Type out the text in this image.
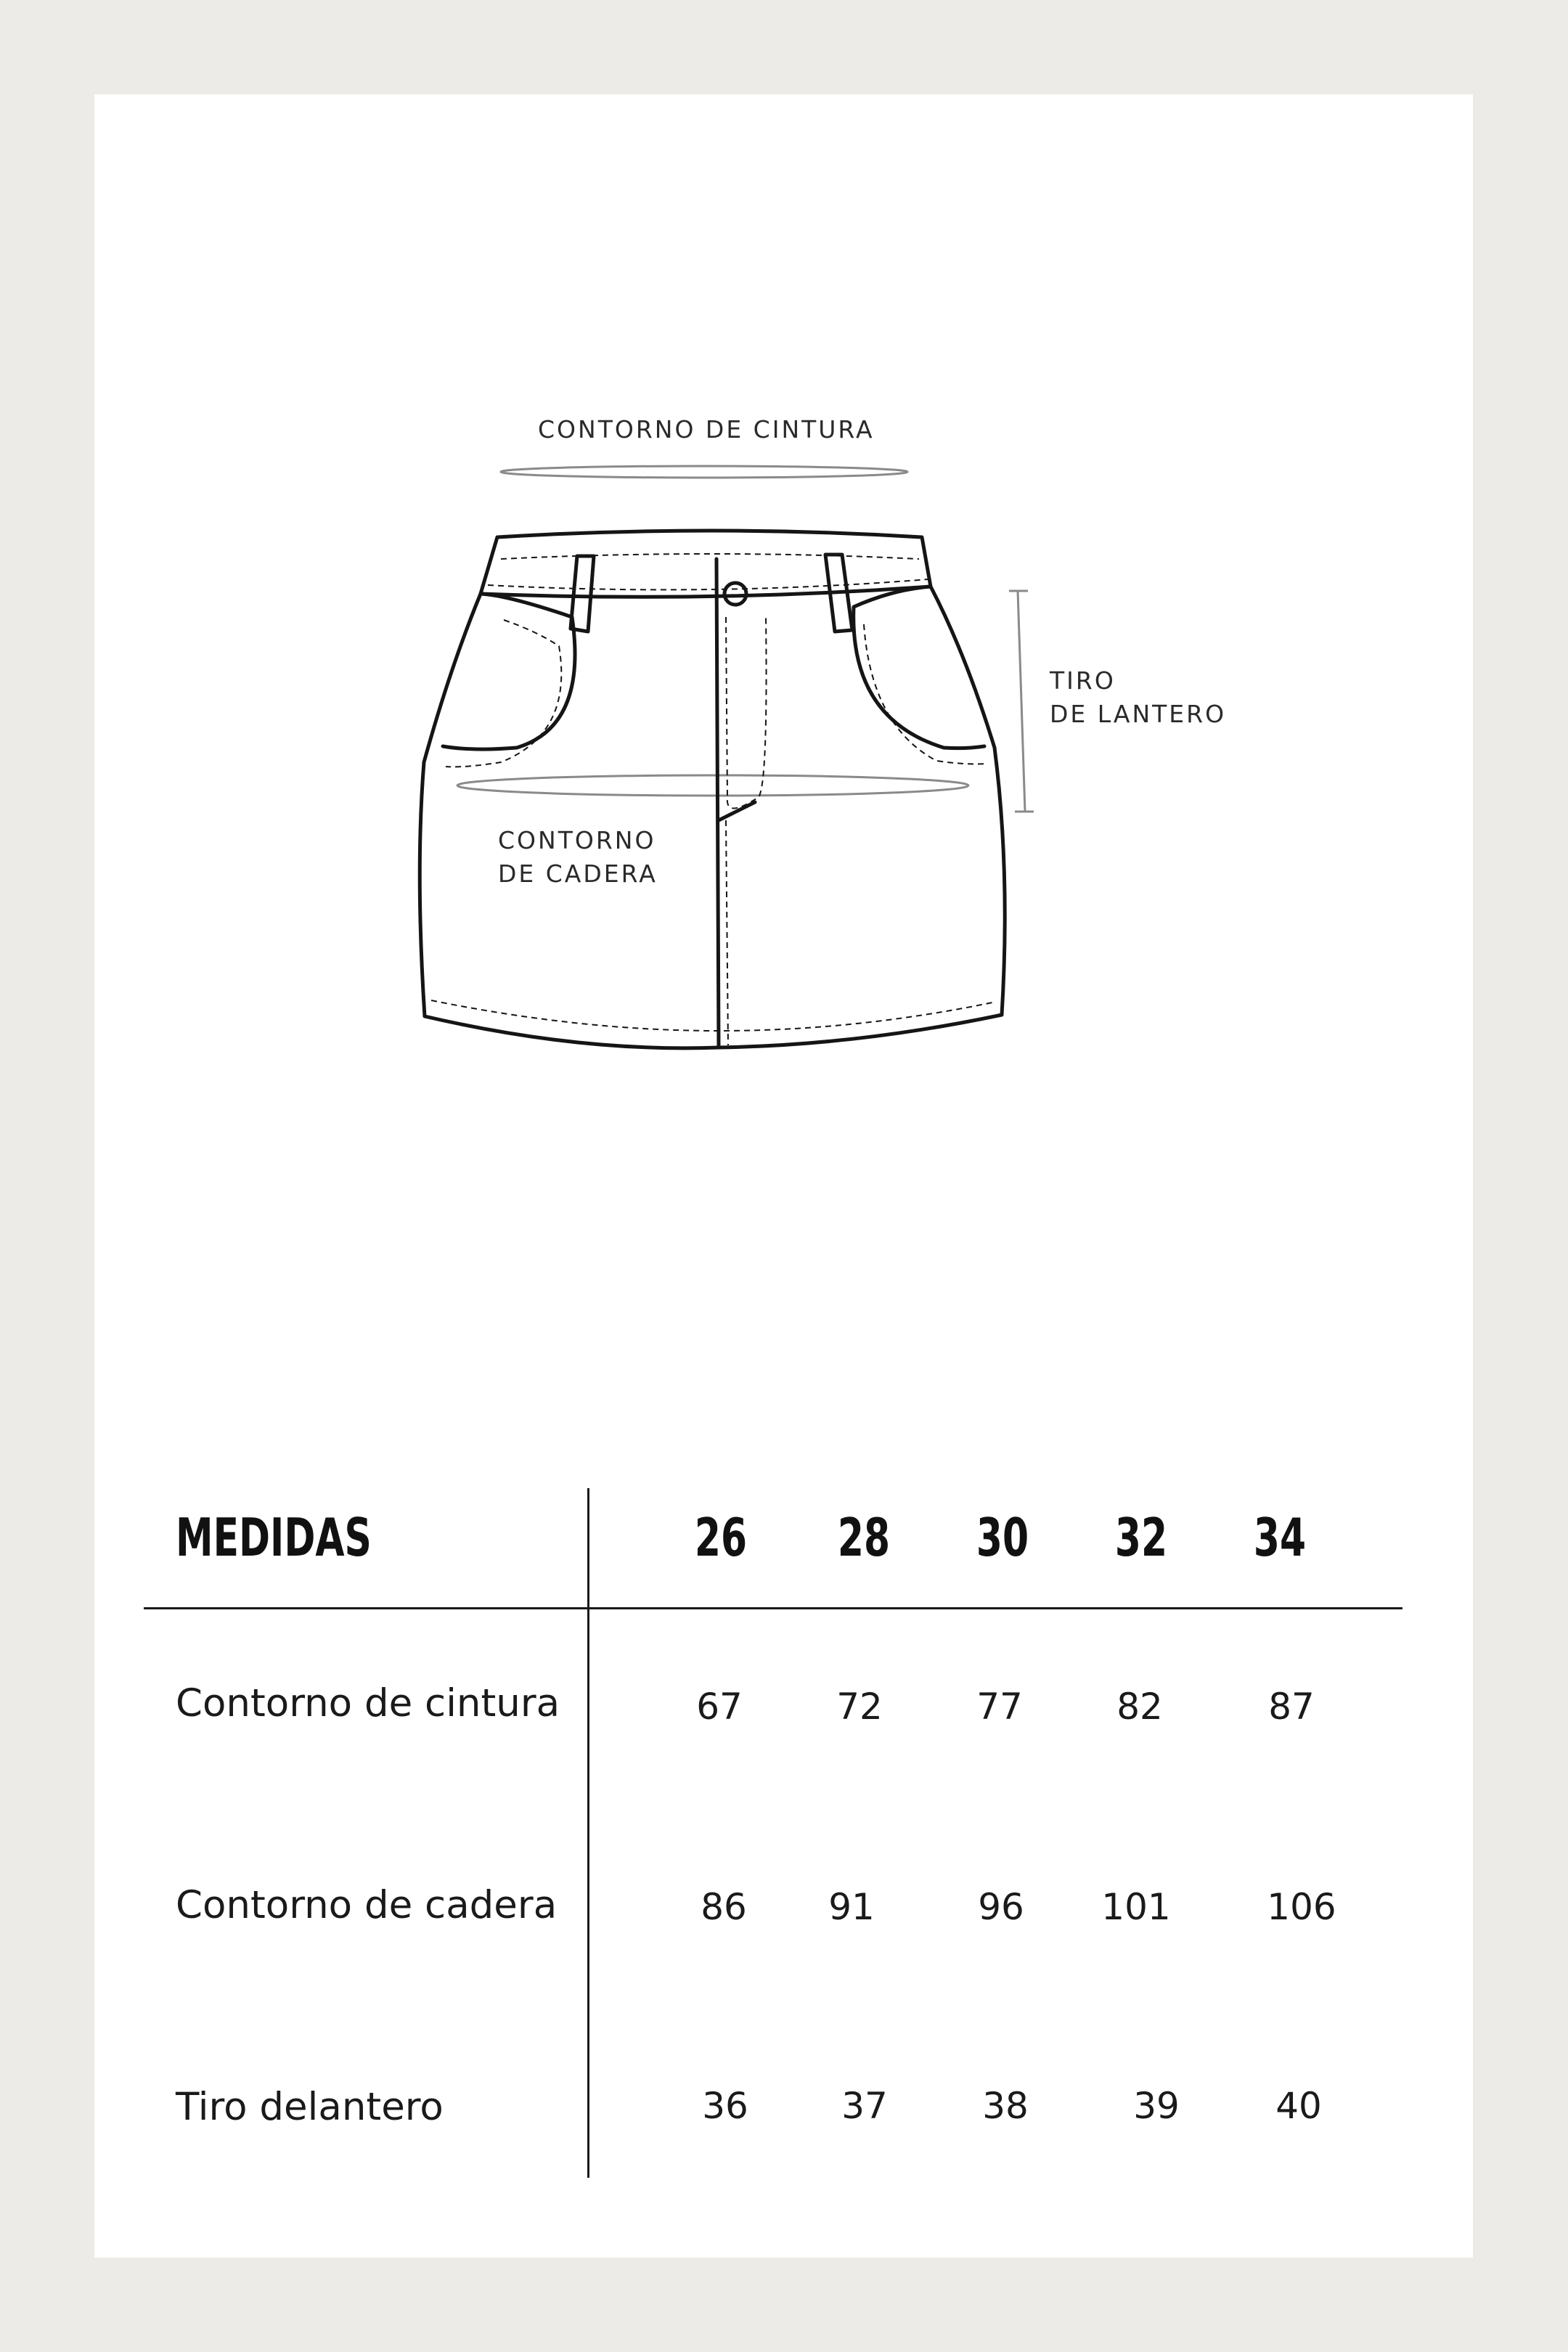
CONTORNO DE CINTURA
TIRO
DE LANTERO
CONTORNO
DE CADERA
MEDIDAS	26	28	30	32	34
Contorno de cintura	67	72	77	82	87
Contorno de cadera	86	91	96	101	106
Tiro delantero	36	37	38	39	40
